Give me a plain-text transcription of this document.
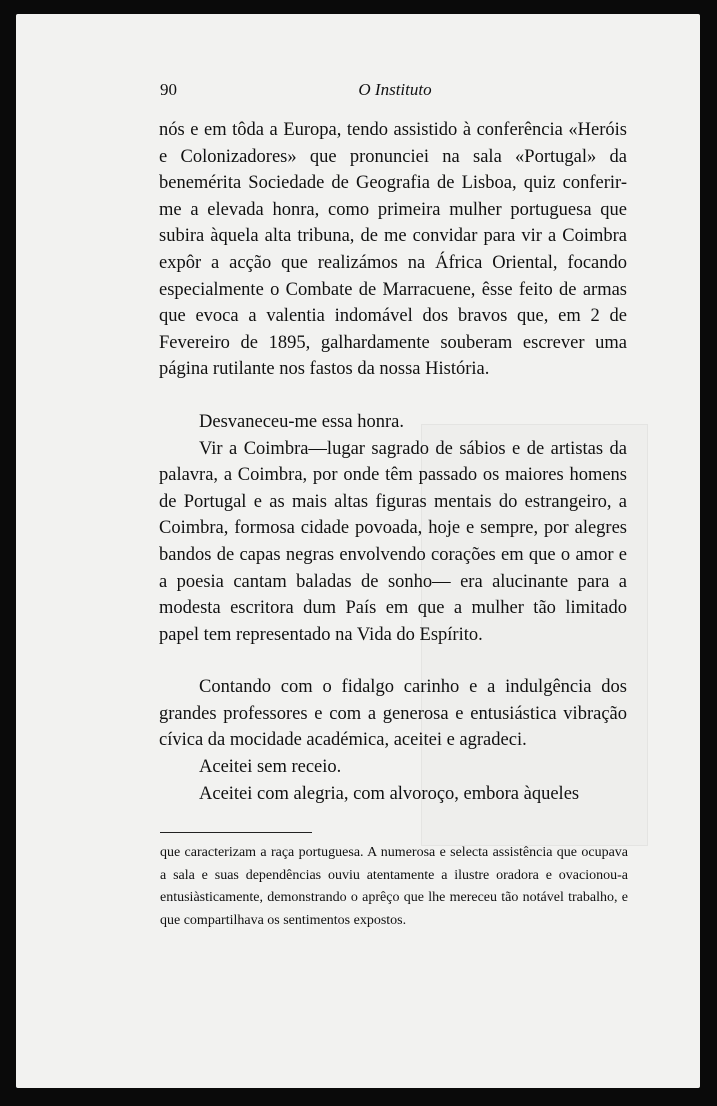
90	O Instituto

nós e em tôda a Europa, tendo assistido à conferência «Heróis e Colonizadores» que pronunciei na sala «Portugal» da benemérita Sociedade de Geografia de Lisboa, quiz conferir-me a elevada honra, como primeira mulher portuguesa que subira àquela alta tribuna, de me convidar para vir a Coimbra expôr a acção que realizámos na África Oriental, focando especialmente o Combate de Marracuene, êsse feito de armas que evoca a valentia indomável dos bravos que, em 2 de Fevereiro de 1895, galhardamente souberam escrever uma página rutilante nos fastos da nossa História.

Desvaneceu-me essa honra.

Vir a Coimbra—lugar sagrado de sábios e de artistas da palavra, a Coimbra, por onde têm passado os maiores homens de Portugal e as mais altas figuras mentais do estrangeiro, a Coimbra, formosa cidade povoada, hoje e sempre, por alegres bandos de capas negras envolvendo corações em que o amor e a poesia cantam baladas de sonho— era alucinante para a modesta escritora dum País em que a mulher tão limitado papel tem representado na Vida do Espírito.

Contando com o fidalgo carinho e a indulgência dos grandes professores e com a generosa e entusiástica vibração cívica da mocidade académica, aceitei e agradeci.

Aceitei sem receio.

Aceitei com alegria, com alvoroço, embora àqueles

que caracterizam a raça portuguesa. A numerosa e selecta assistência que ocupava a sala e suas dependências ouviu atentamente a ilustre oradora e ovacionou-a entusiàsticamente, demonstrando o aprêço que lhe mereceu tão notável trabalho, e que compartilhava os sentimentos expostos.
